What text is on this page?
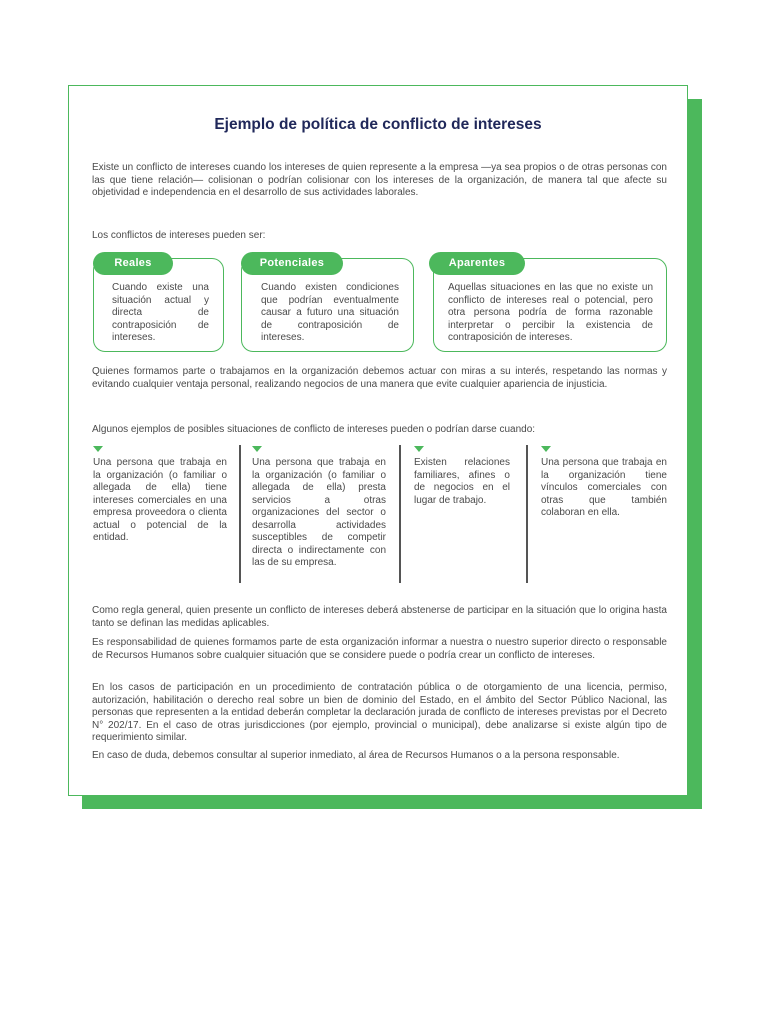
Ejemplo de política de conflicto de intereses

Existe un conflicto de intereses cuando los intereses de quien represente a la empresa —ya sea propios o de otras personas con las que tiene relación— colisionan o podrían colisionar con los intereses de la organización, de manera tal que afecte su objetividad e independencia en el desarrollo de sus actividades laborales.

Los conflictos de intereses pueden ser:

Reales

Cuando existe una situación actual y directa de contraposición de intereses.

Potenciales

Cuando existen condiciones que podrían eventualmente causar a futuro una situación de contraposición de intereses.

Aparentes

Aquellas situaciones en las que no existe un conflicto de intereses real o potencial, pero otra persona podría de forma razonable interpretar o percibir la existencia de contraposición de intereses.

Quienes formamos parte o trabajamos en la organización debemos actuar con miras a su interés, respetando las normas y evitando cualquier ventaja personal, realizando negocios de una manera que evite cualquier apariencia de injusticia.

Algunos ejemplos de posibles situaciones de conflicto de intereses pueden o podrían darse cuando:

Una persona que trabaja en la organización (o familiar o allegada de ella) tiene intereses comerciales en una empresa proveedora o clienta actual o potencial de la entidad.

Una persona que trabaja en la organización (o familiar o allegada de ella) presta servicios a otras organizaciones del sector o desarrolla actividades susceptibles de competir directa o indirectamente con las de su empresa.

Existen relaciones familiares, afines o de negocios en el lugar de trabajo.

Una persona que trabaja en la organización tiene vínculos comerciales con otras que también colaboran en ella.

Como regla general, quien presente un conflicto de intereses deberá abstenerse de participar en la situación que lo origina hasta tanto se definan las medidas aplicables.

Es responsabilidad de quienes formamos parte de esta organización informar a nuestra o nuestro superior directo o responsable de Recursos Humanos sobre cualquier situación que se considere puede o podría crear un conflicto de intereses.

En los casos de participación en un procedimiento de contratación pública o de otorgamiento de una licencia, permiso, autorización, habilitación o derecho real sobre un bien de dominio del Estado, en el ámbito del Sector Público Nacional, las personas que representen a la entidad deberán completar la declaración jurada de conflicto de intereses previstas por el Decreto N° 202/17. En el caso de otras jurisdicciones (por ejemplo, provincial o municipal), debe analizarse si existe algún tipo de requerimiento similar.

En caso de duda, debemos consultar al superior inmediato, al área de Recursos Humanos o a la persona responsable.
